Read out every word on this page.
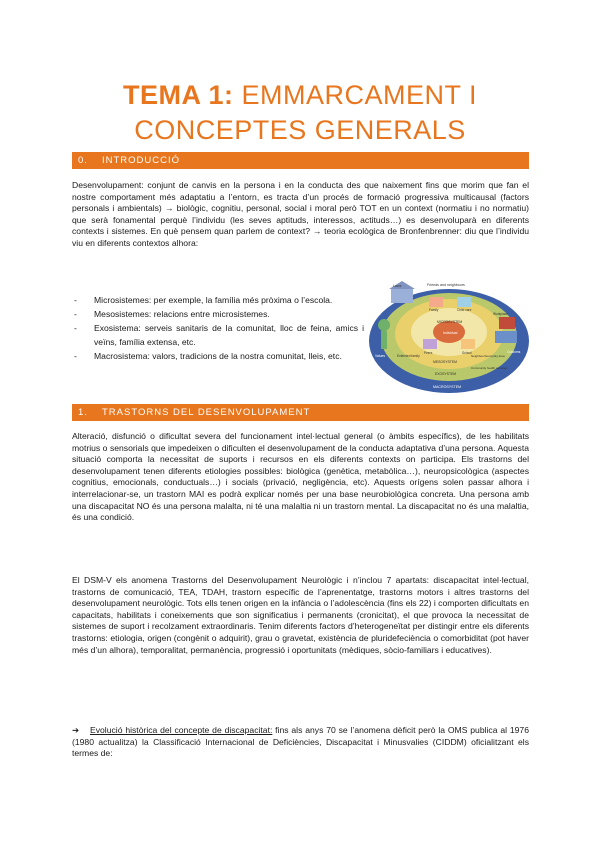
TEMA 1: EMMARCAMENT I
CONCEPTES GENERALS
0. INTRODUCCIÓ

Desenvolupament: conjunt de canvis en la persona i en la conducta des que naixement fins que morim que fan el nostre comportament més adaptatiu a l’entorn, es tracta d’un procés de formació progressiva multicausal (factors personals i ambientals) → biològic, cognitiu, personal, social i moral però TOT en un context (normatiu i no normatiu) que serà fonamental perquè l’individu (les seves aptituds, interessos, actituds…) es desenvoluparà en diferents contexts i sistemes. En què pensem quan parlem de context? → teoria ecològica de Bronfenbrenner: diu que l’individu viu en diferents contextos alhora:

- Microsistemes: per exemple, la família més pròxima o l’escola.
- Mesosistemes: relacions entre microsistemes.
- Exosistema: serveis sanitaris de la comunitat, lloc de feina, amics i veïns, família extensa, etc.
- Macrosistema: valors, tradicions de la nostra comunitat, lleis, etc.
Laws	Friends and neighbours
Individual
MICROSYSTEM
MESOSYSTEM
EXOSYSTEM
MACROSYSTEM
Values
Customs
Extended family
Workplace
Community health services
Neighbourhood play area
Family
Peers
Child care
School
1. TRASTORNS DEL DESENVOLUPAMENT

Alteració, disfunció o dificultat severa del funcionament intel·lectual general (o àmbits específics), de les habilitats motrius o sensorials que impedeixen o dificulten el desenvolupament de la conducta adaptativa d’una persona. Aquesta situació comporta la necessitat de suports i recursos en els diferents contexts on participa. Els trastorns del desenvolupament tenen diferents etiologies possibles: biològica (genètica, metabòlica…), neuropsicològica (aspectes cognitius, emocionals, conductuals…) i socials (privació, negligència, etc). Aquests orígens solen passar alhora i interrelacionar-se, un trastorn MAI es podrà explicar només per una base neurobiològica concreta. Una persona amb una discapacitat NO és una persona malalta, ni té una malaltia ni un trastorn mental. La discapacitat no és una malaltia, és una condició.

El DSM-V els anomena Trastorns del Desenvolupament Neurològic i n’inclou 7 apartats: discapacitat intel·lectual, trastorns de comunicació, TEA, TDAH, trastorn específic de l’aprenentatge, trastorns motors i altres trastorns del desenvolupament neurològic. Tots ells tenen origen en la infància o l’adolescència (fins els 22) i comporten dificultats en capacitats, habilitats i coneixements que son significatius i permanents (cronicitat), el que provoca la necessitat de sistemes de suport i recolzament extraordinaris. Tenim diferents factors d’heterogeneïtat per distingir entre els diferents trastorns: etiologia, origen (congènit o adquirit), grau o gravetat, existència de pluridefeciència o comorbiditat (pot haver més d’un alhora), temporalitat, permanència, progressió i oportunitats (mèdiques, sòcio-familiars i educatives).

➔ Evolució històrica del concepte de discapacitat: fins als anys 70 se l’anomena dèficit però la OMS publica al 1976 (1980 actualitza) la Classificació Internacional de Deficiències, Discapacitat i Minusvalies (CIDDM) oficialitzant els termes de:
